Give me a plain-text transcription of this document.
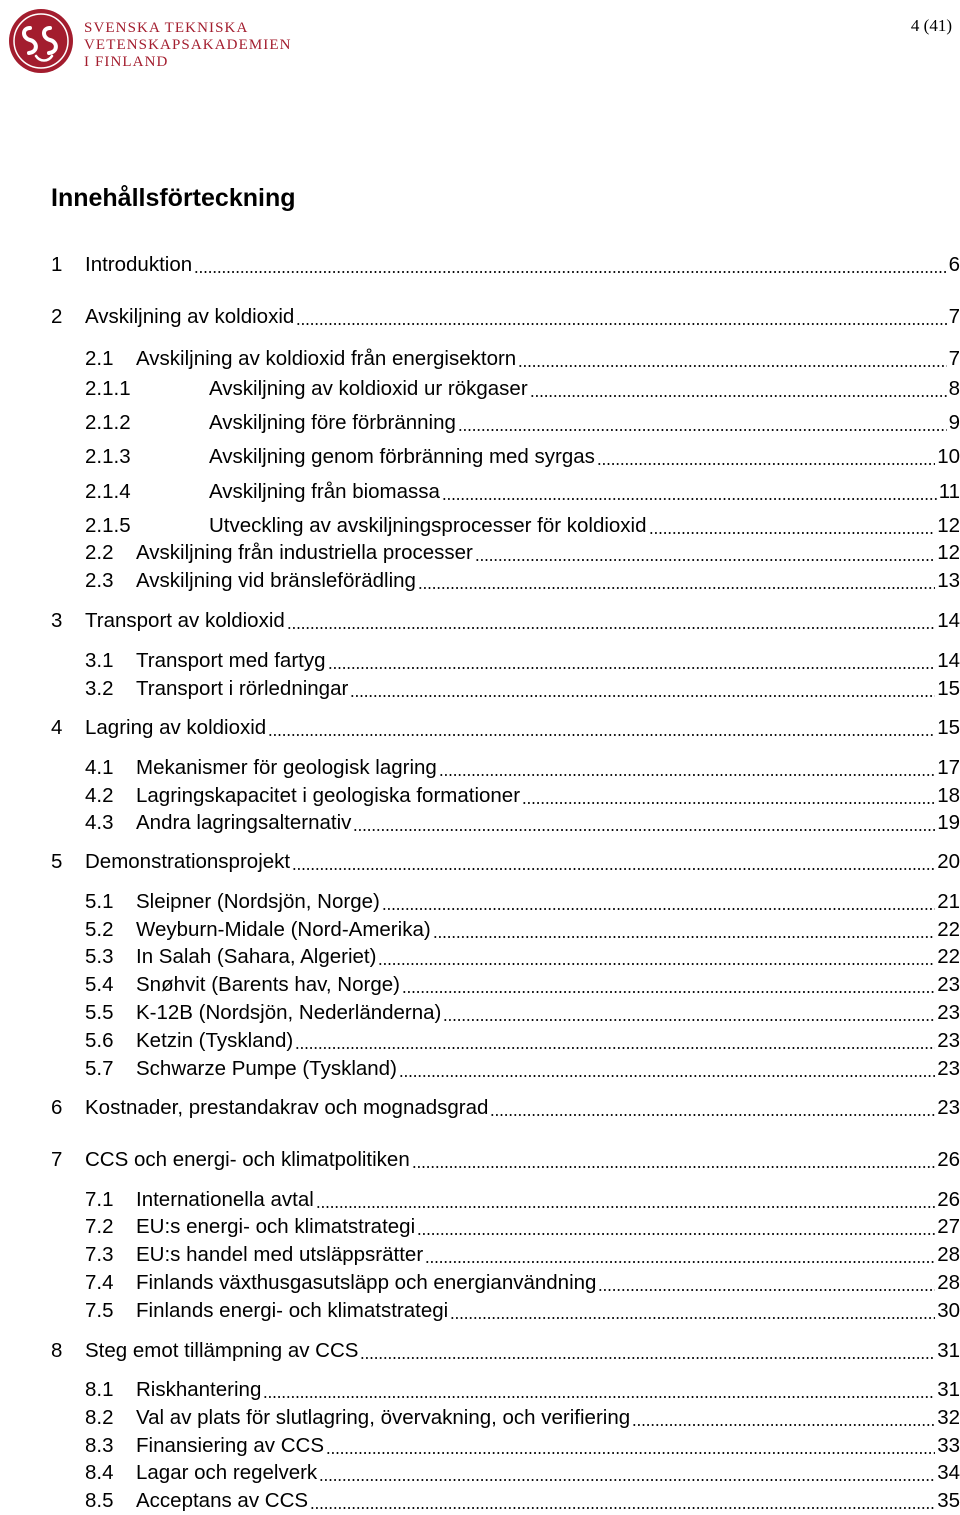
SVENSKA TEKNISKA
VETENSKAPSAKADEMIEN
I FINLAND
4 (41)
Innehållsförteckning
1	Introduktion	6
2	Avskiljning av koldioxid	7
2.1	Avskiljning av koldioxid från energisektorn	7
2.1.1	Avskiljning av koldioxid ur rökgaser	8
2.1.2	Avskiljning före förbränning	9
2.1.3	Avskiljning genom förbränning med syrgas	10
2.1.4	Avskiljning från biomassa	11
2.1.5	Utveckling av avskiljningsprocesser för koldioxid	12
2.2	Avskiljning från industriella processer	12
2.3	Avskiljning vid bränsleförädling	13
3	Transport av koldioxid	14
3.1	Transport med fartyg	14
3.2	Transport i rörledningar	15
4	Lagring av koldioxid	15
4.1	Mekanismer för geologisk lagring	17
4.2	Lagringskapacitet i geologiska formationer	18
4.3	Andra lagringsalternativ	19
5	Demonstrationsprojekt	20
5.1	Sleipner (Nordsjön, Norge)	21
5.2	Weyburn-Midale (Nord-Amerika)	22
5.3	In Salah (Sahara, Algeriet)	22
5.4	Snøhvit (Barents hav, Norge)	23
5.5	K-12B (Nordsjön, Nederländerna)	23
5.6	Ketzin (Tyskland)	23
5.7	Schwarze Pumpe (Tyskland)	23
6	Kostnader, prestandakrav och mognadsgrad	23
7	CCS och energi- och klimatpolitiken	26
7.1	Internationella avtal	26
7.2	EU:s energi- och klimatstrategi	27
7.3	EU:s handel med utsläppsrätter	28
7.4	Finlands växthusgasutsläpp och energianvändning	28
7.5	Finlands energi- och klimatstrategi	30
8	Steg emot tillämpning av CCS	31
8.1	Riskhantering	31
8.2	Val av plats för slutlagring, övervakning, och verifiering	32
8.3	Finansiering av CCS	33
8.4	Lagar och regelverk	34
8.5	Acceptans av CCS	35
